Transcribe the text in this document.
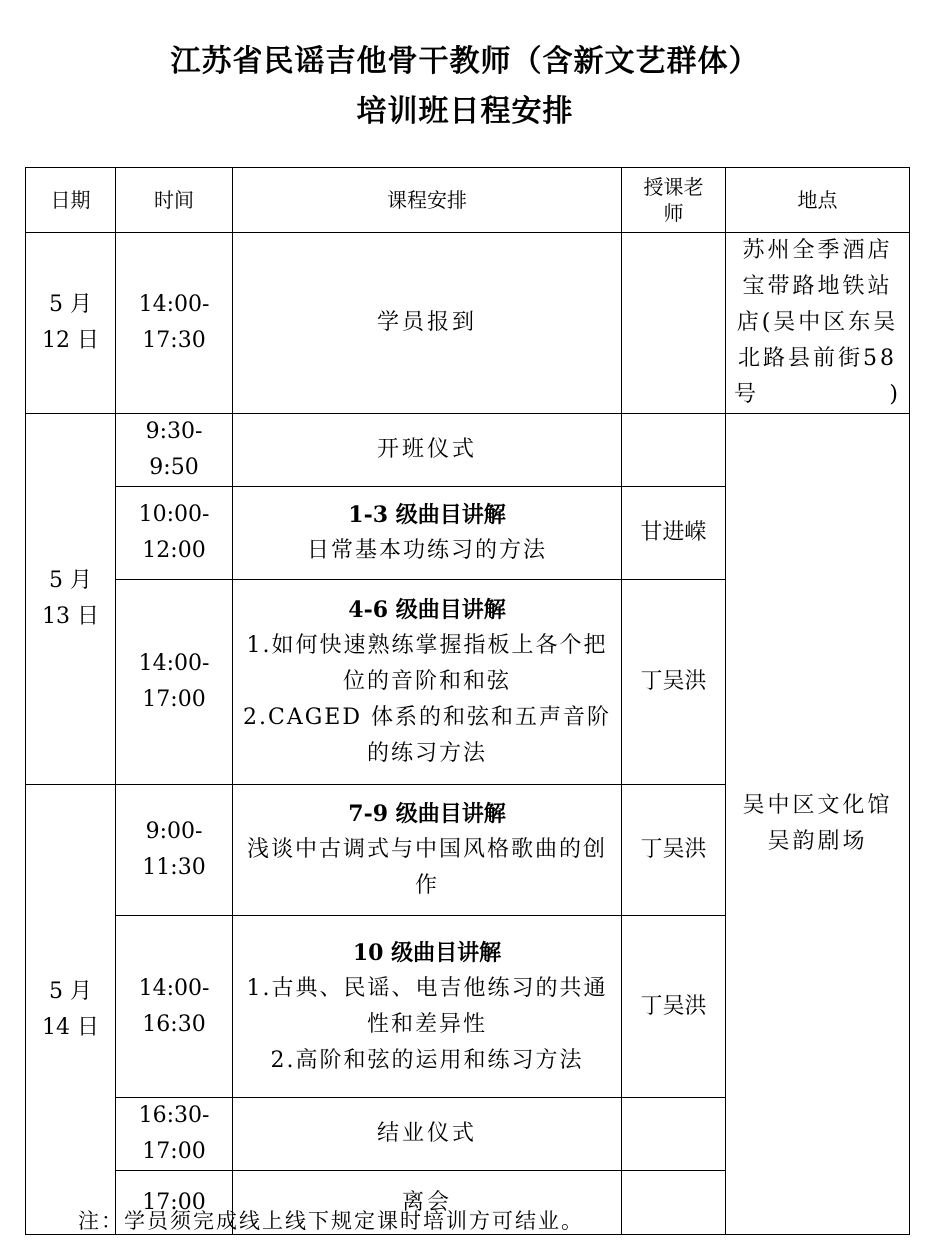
江苏省民谣吉他骨干教师（含新文艺群体）
培训班日程安排
日期	时间	课程安排	授课老
师	地点

5 月
12 日	14:00-
17:30	学员报到		苏州全季酒店宝带路地铁站店(吴中区东吴北路县前街58号)

5 月
13 日	9:30-
9:50	开班仪式		吴中区文化馆
吴韵剧场

	10:00-
12:00	1-3 级曲目讲解
日常基本功练习的方法	甘进嵘	

	14:00-
17:00	4-6 级曲目讲解
1.如何快速熟练掌握指板上各个把位的音阶和和弦
2.CAGED 体系的和弦和五声音阶的练习方法	丁吴洪	

5 月
14 日	9:00-
11:30	7-9 级曲目讲解
浅谈中古调式与中国风格歌曲的创作	丁吴洪	

	14:00-
16:30	10 级曲目讲解
1.古典、民谣、电吉他练习的共通性和差异性
2.高阶和弦的运用和练习方法	丁吴洪	

	16:30-
17:00	结业仪式		

	17:00	离会		

注：学员须完成线上线下规定课时培训方可结业。
